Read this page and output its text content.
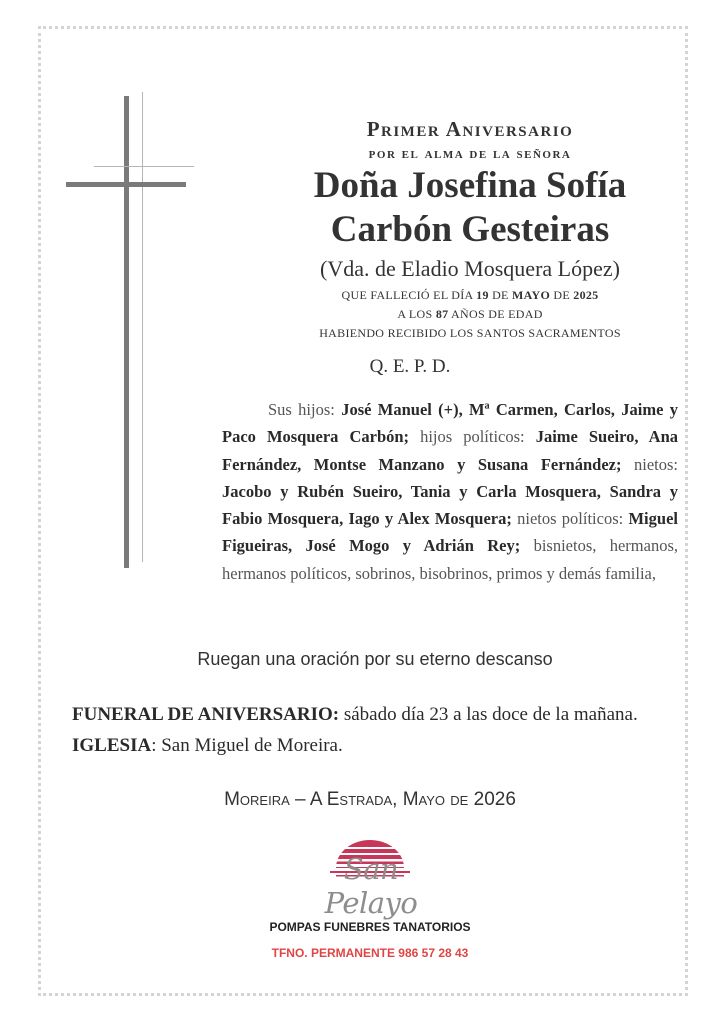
Primer Aniversario
por el alma de la señora
Doña Josefina Sofía
Carbón Gesteiras
(Vda. de Eladio Mosquera López)
QUE FALLECIÓ EL DÍA 19 DE MAYO DE 2025
A LOS 87 AÑOS DE EDAD
HABIENDO RECIBIDO LOS SANTOS SACRAMENTOS
Q. E. P. D.
Sus hijos: José Manuel (+), Mª Carmen, Carlos, Jaime y Paco Mosquera Carbón; hijos políticos: Jaime Sueiro, Ana Fernández, Montse Manzano y Susana Fernández; nietos: Jacobo y Rubén Sueiro, Tania y Carla Mosquera, Sandra y Fabio Mosquera, Iago y Alex Mosquera; nietos políticos: Miguel Figueiras, José Mogo y Adrián Rey; bisnietos, hermanos, hermanos políticos, sobrinos, bisobrinos, primos y demás familia,
Ruegan una oración por su eterno descanso
FUNERAL DE ANIVERSARIO: sábado día 23 a las doce de la mañana.
IGLESIA: San Miguel de Moreira.
Moreira – A Estrada, Mayo de 2026
San Pelayo
POMPAS FUNEBRES TANATORIOS
TFNO. PERMANENTE 986 57 28 43
